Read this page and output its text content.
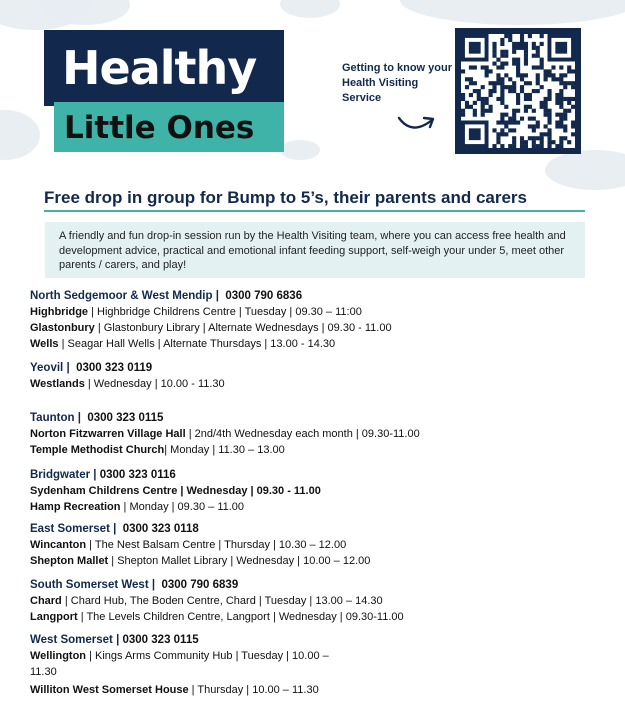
Healthy
Little Ones
Getting to know your Health Visiting Service
Free drop in group for Bump to 5’s, their parents and carers

A friendly and fun drop-in session run by the Health Visiting team, where you can access free health and development advice, practical and emotional infant feeding support, self-weigh your under 5, meet other parents / carers, and play!

North Sedgemoor & West Mendip |  0300 790 6836
Highbridge | Highbridge Childrens Centre | Tuesday | 09.30 – 11:00
Glastonbury | Glastonbury Library | Alternate Wednesdays | 09.30 - 11.00
Wells | Seagar Hall Wells | Alternate Thursdays | 13.00 - 14.30
Yeovil |  0300 323 0119
Westlands | Wednesday | 10.00 - 11.30
Taunton |  0300 323 0115
Norton Fitzwarren Village Hall | 2nd/4th Wednesday each month | 09.30-11.00
Temple Methodist Church| Monday | 11.30 – 13.00
Bridgwater | 0300 323 0116
Sydenham Childrens Centre | Wednesday | 09.30 - 11.00
Hamp Recreation | Monday | 09.30 – 11.00
East Somerset |  0300 323 0118
Wincanton | The Nest Balsam Centre | Thursday | 10.30 – 12.00
Shepton Mallet | Shepton Mallet Library | Wednesday | 10.00 – 12.00
South Somerset West |  0300 790 6839
Chard | Chard Hub, The Boden Centre, Chard | Tuesday | 13.00 – 14.30
Langport | The Levels Children Centre, Langport | Wednesday | 09.30-11.00
West Somerset | 0300 323 0115
Wellington | Kings Arms Community Hub | Tuesday | 10.00 –
11.30
Williton West Somerset House | Thursday | 10.00 – 11.30
